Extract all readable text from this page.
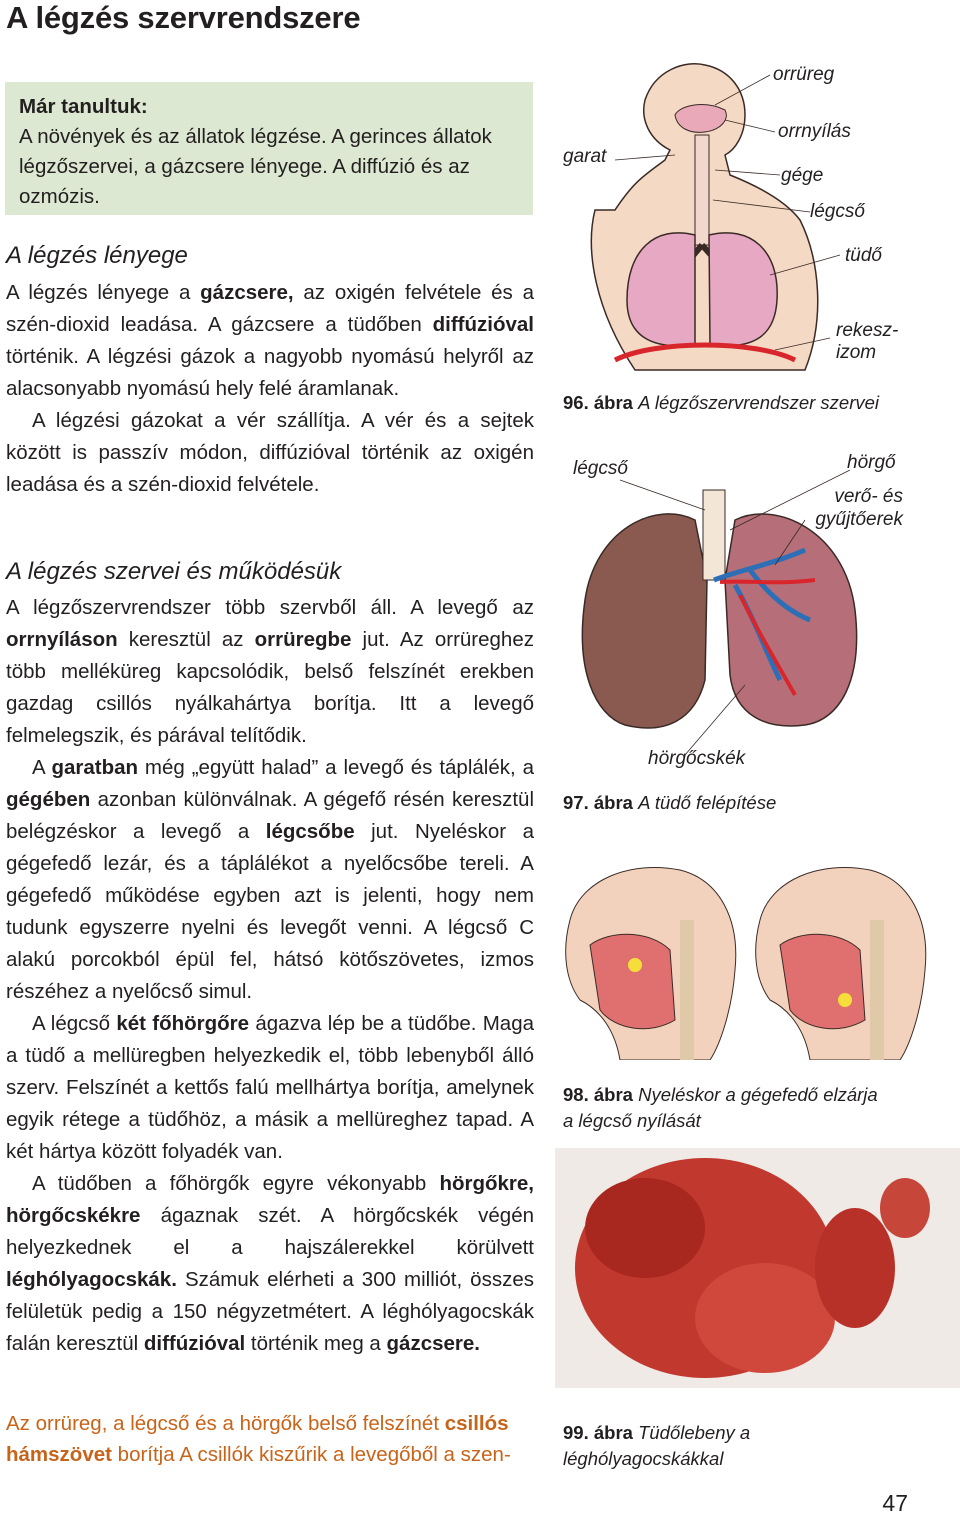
A légzés szervrendszere
Már tanultuk:
A növények és az állatok légzése. A gerinces állatok légzőszervei, a gázcsere lényege. A diffúzió és az ozmózis.
A légzés lényege

A légzés lényege a gázcsere, az oxigén felvétele és a szén-dioxid leadása. A gázcsere a tüdőben diffúzióval történik. A légzési gázok a nagyobb nyomású helyről az alacsonyabb nyomású hely felé áramlanak.

A légzési gázokat a vér szállítja. A vér és a sejtek között is passzív módon, diffúzióval történik az oxigén leadása és a szén-dioxid felvétele.

A légzés szervei és működésük

A légzőszervrendszer több szervből áll. A levegő az orrnyíláson keresztül az orrüregbe jut. Az orrüreghez több melléküreg kapcsolódik, belső felszínét erekben gazdag csillós nyálkahártya borítja. Itt a levegő felmelegszik, és párával telítődik.

A garatban még „együtt halad” a levegő és táplálék, a gégében azonban különválnak. A gégefő résén keresztül belégzéskor a levegő a légcsőbe jut. Nyeléskor a gégefedő lezár, és a táplálékot a nyelőcsőbe tereli. A gégefedő működése egyben azt is jelenti, hogy nem tudunk egyszerre nyelni és levegőt venni. A légcső C alakú porcokból épül fel, hátsó kötőszövetes, izmos részéhez a nyelőcső simul.

A légcső két főhörgőre ágazva lép be a tüdőbe. Maga a tüdő a mellüregben helyezkedik el, több lebenyből álló szerv. Felszínét a kettős falú mellhártya borítja, amelynek egyik rétege a tüdőhöz, a másik a mellüreghez tapad. A két hártya között folyadék van.

A tüdőben a főhörgők egyre vékonyabb hörgőkre, hörgőcskékre ágaznak szét. A hörgőcskék végén helyezkednek el a hajszálerekkel körülvett léghólyagocskák. Számuk elérheti a 300 milliót, összes felületük pedig a 150 négyzetmétert. A léghólyagocskák falán keresztül diffúzióval történik meg a gázcsere.

Az orrüreg, a légcső és a hörgők belső felszínét csillós hámszövet borítja A csillók kiszűrik a levegőből a szen-

orrüreg
orrnyílás
garat
gége
légcső
tüdő
rekesz-izom
96. ábra A légzőszervrendszer szervei
légcső	hörgő
verő- és gyűjtőerek
hörgőcskék
97. ábra A tüdő felépítése
98. ábra Nyeléskor a gégefedő elzárja a légcső nyílását
99. ábra Tüdőlebeny a léghólyagocskákkal
47
